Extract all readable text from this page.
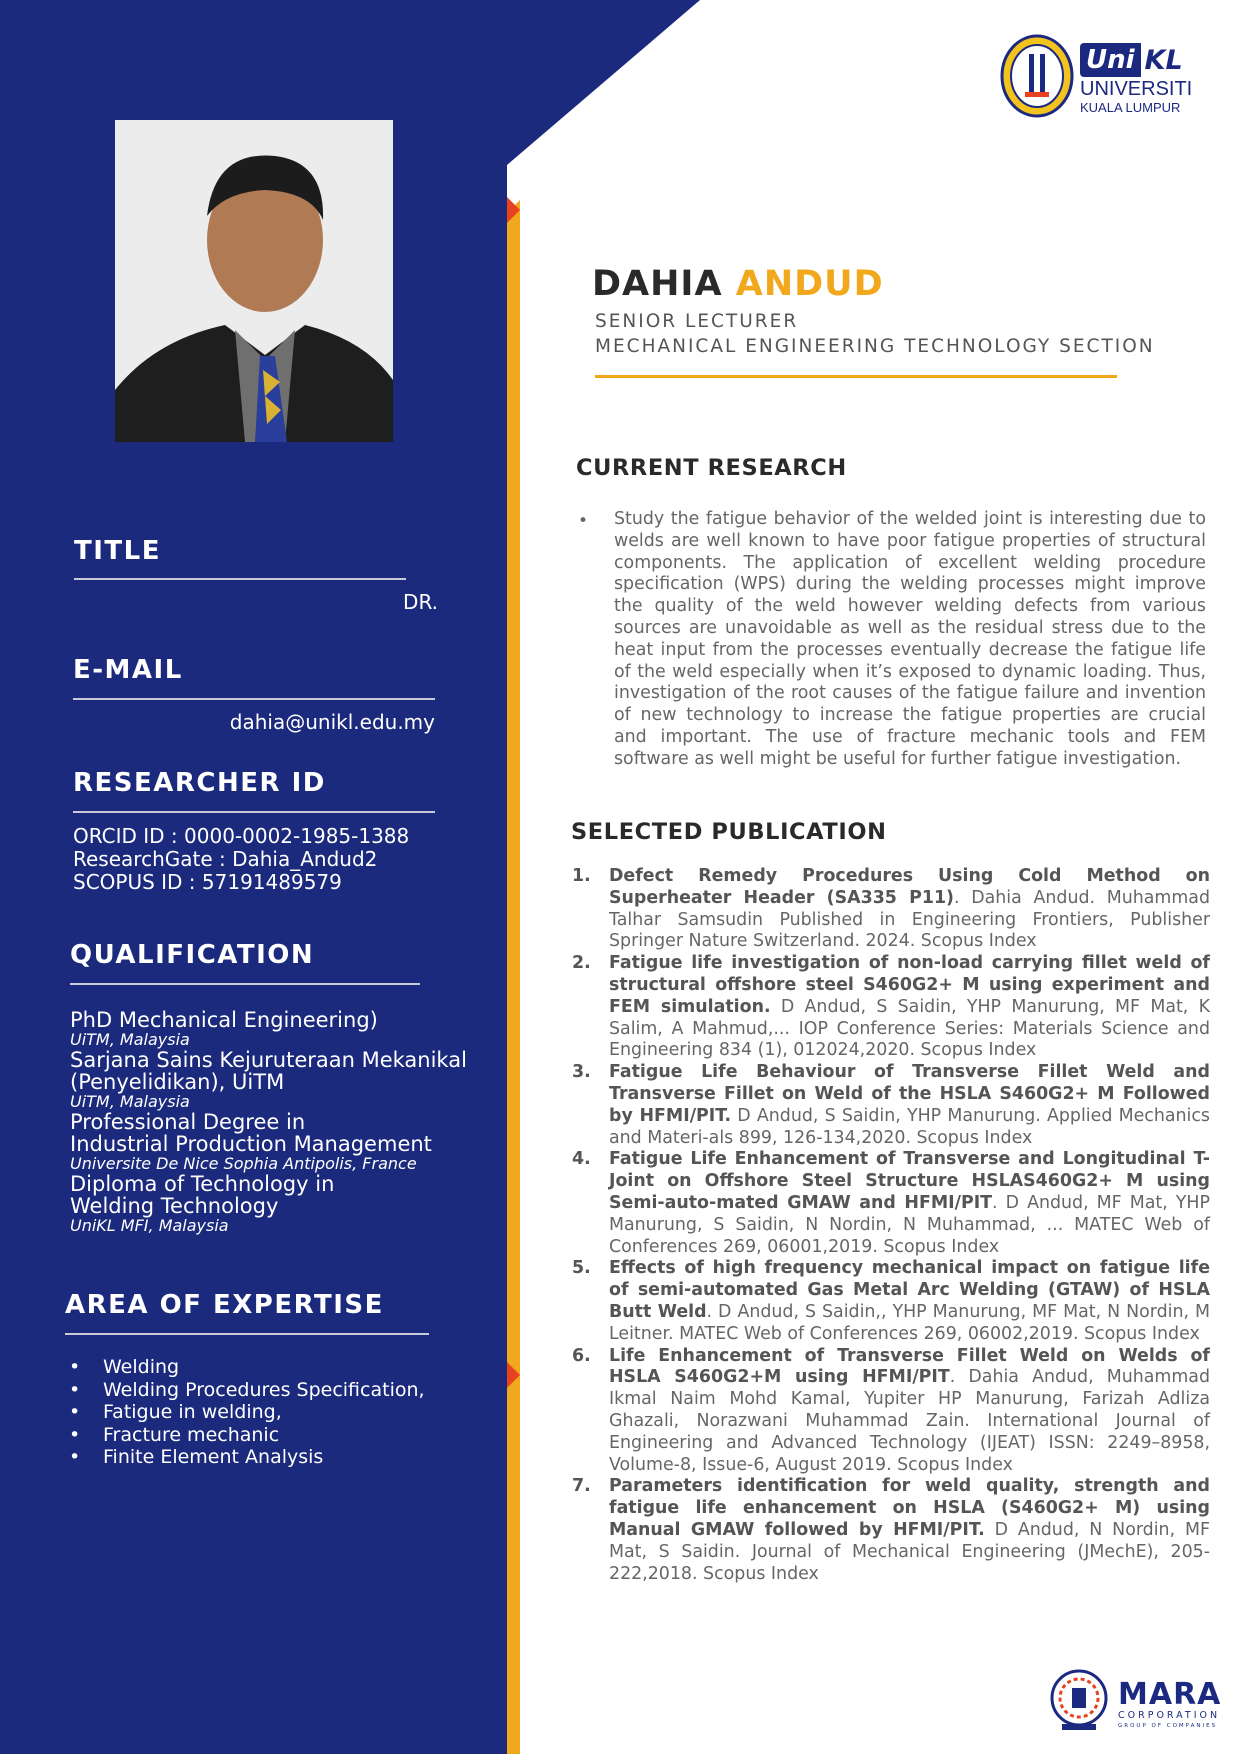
Uni KL
UNIVERSITI
KUALA LUMPUR
TITLE
DR.
E-MAIL
dahia@unikl.edu.my
RESEARCHER ID
ORCID ID : 0000-0002-1985-1388
ResearchGate : Dahia_Andud2
SCOPUS ID : 57191489579
QUALIFICATION
PhD Mechanical Engineering)
UiTM, Malaysia
Sarjana Sains Kejuruteraan Mekanikal
(Penyelidikan), UiTM
UiTM, Malaysia
Professional Degree in
Industrial Production Management
Universite De Nice Sophia Antipolis, France
Diploma of Technology in
Welding Technology
UniKL MFI, Malaysia
AREA OF EXPERTISE
• Welding
• Welding Procedures Specification,
• Fatigue in welding,
• Fracture mechanic
• Finite Element Analysis
DAHIA ANDUD
SENIOR LECTURER
MECHANICAL ENGINEERING TECHNOLOGY SECTION
CURRENT RESEARCH
• Study the fatigue behavior of the welded joint is interesting due to welds are well known to have poor fatigue properties of structural components. The application of excellent welding procedure specification (WPS) during the welding processes might improve the quality of the weld however welding defects from various sources are unavoidable as well as the residual stress due to the heat input from the processes eventually decrease the fatigue life of the weld especially when it’s exposed to dynamic loading. Thus, investigation of the root causes of the fatigue failure and invention of new technology to increase the fatigue properties are crucial and important. The use of fracture mechanic tools and FEM software as well might be useful for further fatigue investigation.
SELECTED PUBLICATION
1. Defect Remedy Procedures Using Cold Method on Superheater Header (SA335 P11). Dahia Andud. Muhammad Talhar Samsudin Published in Engineering Frontiers, Publisher Springer Nature Switzerland. 2024. Scopus Index
2. Fatigue life investigation of non-load carrying fillet weld of structural offshore steel S460G2+ M using experiment and FEM simulation. D Andud, S Saidin, YHP Manurung, MF Mat, K Salim, A Mahmud,... IOP Conference Series: Materials Science and Engineering 834 (1), 012024,2020. Scopus Index
3. Fatigue Life Behaviour of Transverse Fillet Weld and Transverse Fillet on Weld of the HSLA S460G2+ M Followed by HFMI/PIT. D Andud, S Saidin, YHP Manurung. Applied Mechanics and Materi-als 899, 126-134,2020. Scopus Index
4. Fatigue Life Enhancement of Transverse and Longitudinal T-Joint on Offshore Steel Structure HSLAS460G2+ M using Semi-auto-mated GMAW and HFMI/PIT. D Andud, MF Mat, YHP Manurung, S Saidin, N Nordin, N Muhammad, ... MATEC Web of Conferences 269, 06001,2019. Scopus Index
5. Effects of high frequency mechanical impact on fatigue life of semi-automated Gas Metal Arc Welding (GTAW) of HSLA Butt Weld. D Andud, S Saidin,, YHP Manurung, MF Mat, N Nordin, M Leitner. MATEC Web of Conferences 269, 06002,2019. Scopus Index
6. Life Enhancement of Transverse Fillet Weld on Welds of HSLA S460G2+M using HFMI/PIT. Dahia Andud, Muhammad Ikmal Naim Mohd Kamal, Yupiter HP Manurung, Farizah Adliza Ghazali, Norazwani Muhammad Zain. International Journal of Engineering and Advanced Technology (IJEAT) ISSN: 2249–8958, Volume-8, Issue-6, August 2019. Scopus Index
7. Parameters identification for weld quality, strength and fatigue life enhancement on HSLA (S460G2+ M) using Manual GMAW followed by HFMI/PIT. D Andud, N Nordin, MF Mat, S Saidin. Journal of Mechanical Engineering (JMechE), 205-222,2018. Scopus Index
MARA
CORPORATION
GROUP OF COMPANIES
